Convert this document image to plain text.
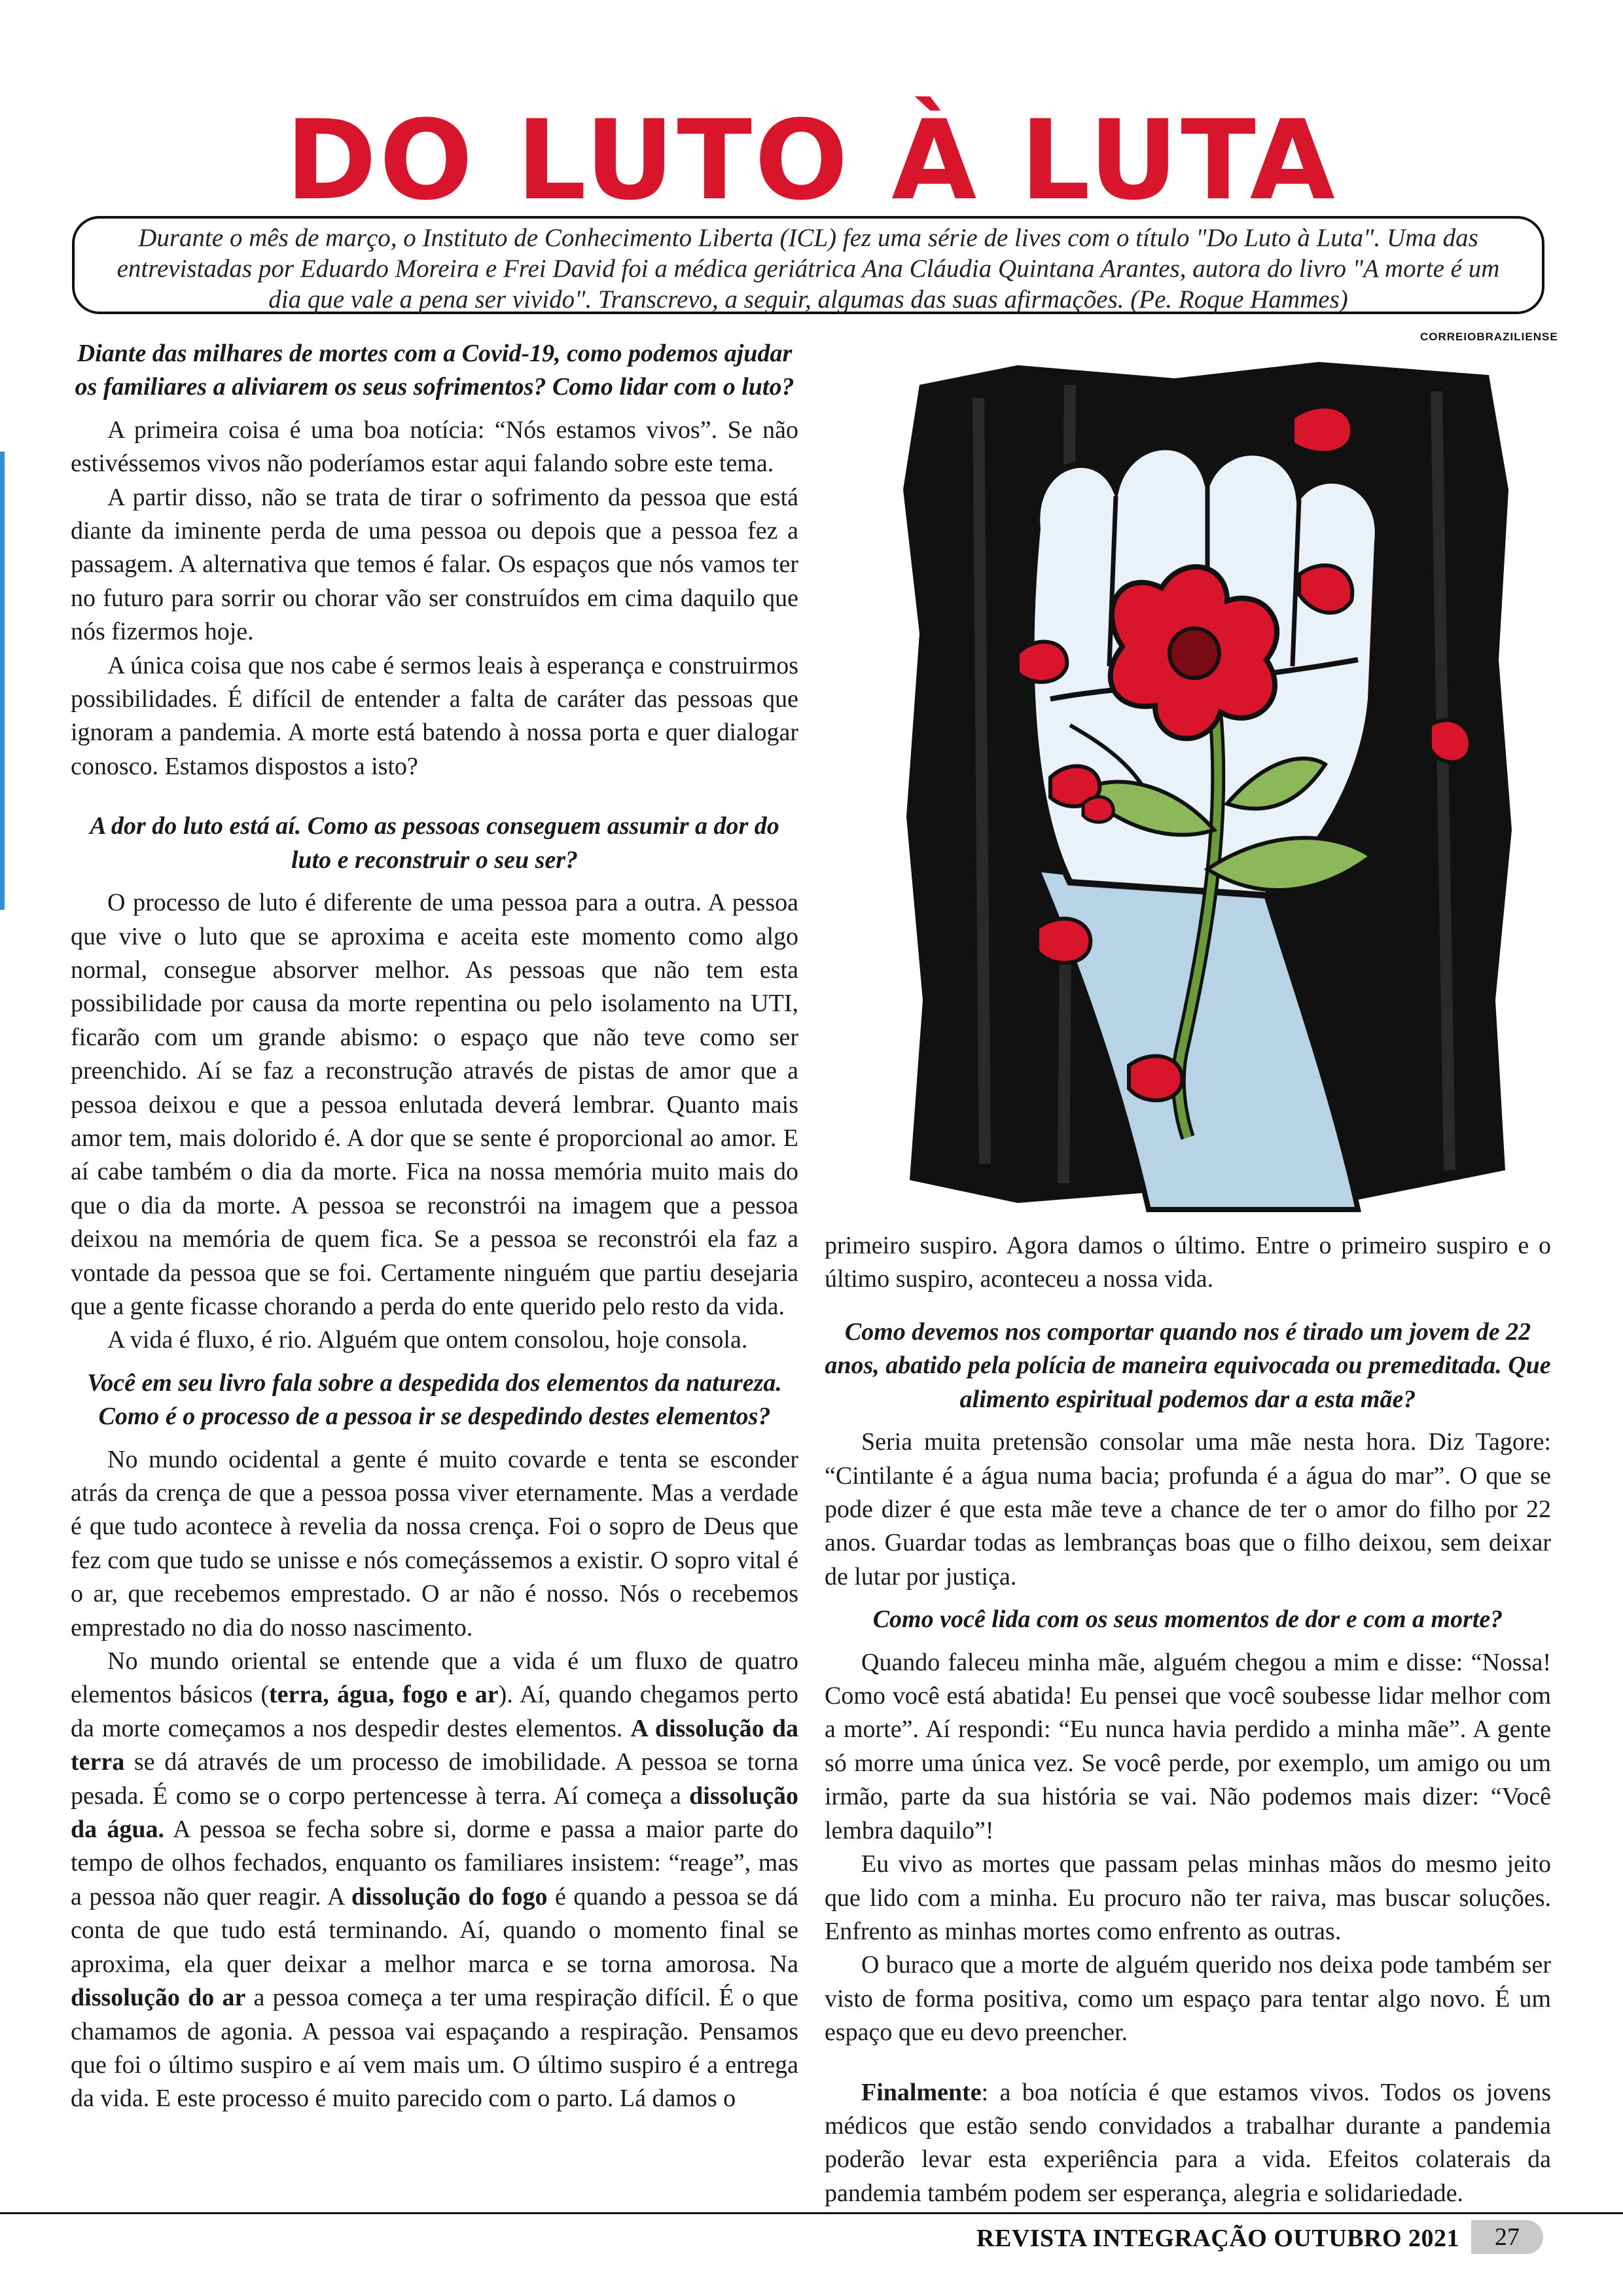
DO LUTO À LUTA
Durante o mês de março, o Instituto de Conhecimento Liberta (ICL) fez uma série de lives com o título "Do Luto à Luta". Uma das entrevistadas por Eduardo Moreira e Frei David foi a médica geriátrica Ana Cláudia Quintana Arantes, autora do livro "A morte é um dia que vale a pena ser vivido". Transcrevo, a seguir, algumas das suas afirmações. (Pe. Roque Hammes)
CORREIOBRAZILIENSE
Diante das milhares de mortes com a Covid-19, como podemos ajudar os familiares a aliviarem os seus sofrimentos? Como lidar com o luto?

A primeira coisa é uma boa notícia: “Nós estamos vivos”. Se não estivéssemos vivos não poderíamos estar aqui falando sobre este tema.

A partir disso, não se trata de tirar o sofrimento da pessoa que está diante da iminente perda de uma pessoa ou depois que a pessoa fez a passagem. A alternativa que temos é falar. Os espaços que nós vamos ter no futuro para sorrir ou chorar vão ser construídos em cima daquilo que nós fizermos hoje.

A única coisa que nos cabe é sermos leais à esperança e construirmos possibilidades. É difícil de entender a falta de caráter das pessoas que ignoram a pandemia. A morte está batendo à nossa porta e quer dialogar conosco. Estamos dispostos a isto?

A dor do luto está aí. Como as pessoas conseguem assumir a dor do luto e reconstruir o seu ser?

O processo de luto é diferente de uma pessoa para a outra. A pessoa que vive o luto que se aproxima e aceita este momento como algo normal, consegue absorver melhor. As pessoas que não tem esta possibilidade por causa da morte repentina ou pelo isolamento na UTI, ficarão com um grande abismo: o espaço que não teve como ser preenchido. Aí se faz a reconstrução através de pistas de amor que a pessoa deixou e que a pessoa enlutada deverá lembrar. Quanto mais amor tem, mais dolorido é. A dor que se sente é proporcional ao amor. E aí cabe também o dia da morte. Fica na nossa memória muito mais do que o dia da morte. A pessoa se reconstrói na imagem que a pessoa deixou na memória de quem fica. Se a pessoa se reconstrói ela faz a vontade da pessoa que se foi. Certamente ninguém que partiu desejaria que a gente ficasse chorando a perda do ente querido pelo resto da vida.

A vida é fluxo, é rio. Alguém que ontem consolou, hoje consola.

Você em seu livro fala sobre a despedida dos elementos da natureza. Como é o processo de a pessoa ir se despedindo destes elementos?

No mundo ocidental a gente é muito covarde e tenta se esconder atrás da crença de que a pessoa possa viver eternamente. Mas a verdade é que tudo acontece à revelia da nossa crença. Foi o sopro de Deus que fez com que tudo se unisse e nós começássemos a existir. O sopro vital é o ar, que recebemos emprestado. O ar não é nosso. Nós o recebemos emprestado no dia do nosso nascimento.

No mundo oriental se entende que a vida é um fluxo de quatro elementos básicos (terra, água, fogo e ar). Aí, quando chegamos perto da morte começamos a nos despedir destes elementos. A dissolução da terra se dá através de um processo de imobilidade. A pessoa se torna pesada. É como se o corpo pertencesse à terra. Aí começa a dissolução da água. A pessoa se fecha sobre si, dorme e passa a maior parte do tempo de olhos fechados, enquanto os familiares insistem: “reage”, mas a pessoa não quer reagir. A dissolução do fogo é quando a pessoa se dá conta de que tudo está terminando. Aí, quando o momento final se aproxima, ela quer deixar a melhor marca e se torna amorosa. Na dissolução do ar a pessoa começa a ter uma respiração difícil. É o que chamamos de agonia. A pessoa vai espaçando a respiração. Pensamos que foi o último suspiro e aí vem mais um. O último suspiro é a entrega da vida. E este processo é muito parecido com o parto. Lá damos o

primeiro suspiro. Agora damos o último. Entre o primeiro suspiro e o último suspiro, aconteceu a nossa vida.

Como devemos nos comportar quando nos é tirado um jovem de 22 anos, abatido pela polícia de maneira equivocada ou premeditada. Que alimento espiritual podemos dar a esta mãe?

Seria muita pretensão consolar uma mãe nesta hora. Diz Tagore: “Cintilante é a água numa bacia; profunda é a água do mar”. O que se pode dizer é que esta mãe teve a chance de ter o amor do filho por 22 anos. Guardar todas as lembranças boas que o filho deixou, sem deixar de lutar por justiça.

Como você lida com os seus momentos de dor e com a morte?

Quando faleceu minha mãe, alguém chegou a mim e disse: “Nossa! Como você está abatida! Eu pensei que você soubesse lidar melhor com a morte”. Aí respondi: “Eu nunca havia perdido a minha mãe”. A gente só morre uma única vez. Se você perde, por exemplo, um amigo ou um irmão, parte da sua história se vai. Não podemos mais dizer: “Você lembra daquilo”!

Eu vivo as mortes que passam pelas minhas mãos do mesmo jeito que lido com a minha. Eu procuro não ter raiva, mas buscar soluções. Enfrento as minhas mortes como enfrento as outras.

O buraco que a morte de alguém querido nos deixa pode também ser visto de forma positiva, como um espaço para tentar algo novo. É um espaço que eu devo preencher.

Finalmente: a boa notícia é que estamos vivos. Todos os jovens médicos que estão sendo convidados a trabalhar durante a pandemia poderão levar esta experiência para a vida. Efeitos colaterais da pandemia também podem ser esperança, alegria e solidariedade.

REVISTA INTEGRAÇÃO OUTUBRO 2021	27
